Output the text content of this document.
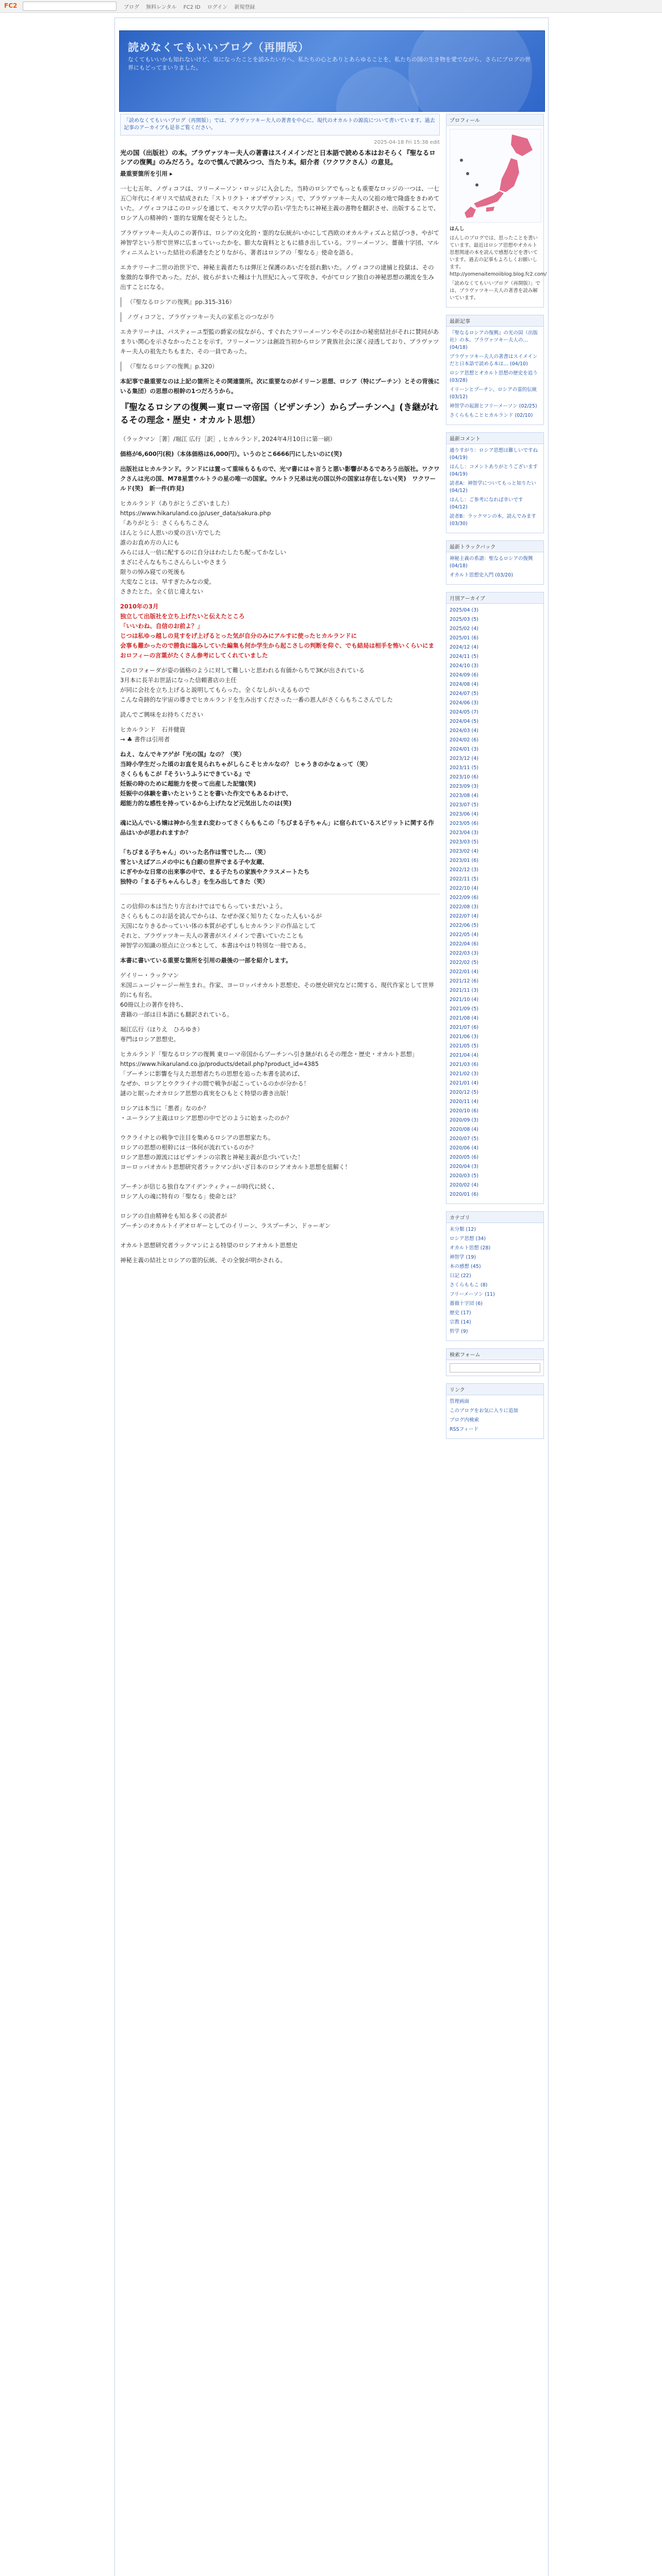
FC2	ブログ 無料レンタル FC2 ID ログイン 新規登録
読めなくてもいいブログ（再開版）
なくてもいいかも知れないけど、気になったことを読みたい方へ。私たちの心とありとあらゆることを、私たちの国の生き物を愛でながら、さらにブログの世界にもどってまいりました。
「読めなくてもいいブログ（再開版）」では、ブラヴァツキー夫人の著書を中心に、現代のオカルトの源流について書いています。過去記事のアーカイブも是非ご覧ください。
2025-04-18 Fri 15:38 edit
光の国（出版社）の本。ブラヴァツキー夫人の著書はスイメインだと日本語で読める本はおそらく『聖なるロシアの復興』のみだろう。なので慎んで読みつつ、当たり本。紹介者（ワクワクさん）の意見。

最重要箇所を引用 ▸

一七七五年、ノヴィコフは、フリーメーソン・ロッジに入会した。当時のロシアでもっとも重要なロッジの一つは、一七五〇年代にイギリスで結成された「ストリクト・オブザヴァンス」で、ブラヴァツキー夫人の父祖の地で隆盛をきわめていた。ノヴィコフはこのロッジを通じて、モスクワ大学の若い学生たちに神秘主義の書物を翻訳させ、出版することで、ロシア人の精神的・霊的な覚醒を促そうとした。

ブラヴァツキー夫人のこの著作は、ロシアの文化的・霊的な伝統がいかにして西欧のオカルティズムと結びつき、やがて神智学という形で世界に広まっていったかを、膨大な資料とともに描き出している。フリーメーソン、薔薇十字団、マルティニスムといった結社の系譜をたどりながら、著者はロシアの「聖なる」使命を語る。

エカテリーナ二世の治世下で、神秘主義者たちは弾圧と保護のあいだを揺れ動いた。ノヴィコフの逮捕と投獄は、その象徴的な事件であった。だが、彼らがまいた種は十九世紀に入って芽吹き、やがてロシア独自の神秘思想の潮流を生み出すことになる。

（『聖なるロシアの復興』pp.315-316）

ノヴィコフと、ブラヴァツキー夫人の家系とのつながり

エカテリーナは、パスティーユ型監の爵家の紋ながら、すぐれたフリーメーソンやそのほかの秘密結社がそれに賛同があまりい関心を示さなかったことを示す。フリーメーソンは創設当初からロシア貴族社会に深く浸透しており、ブラヴァツキー夫人の祖先たちもまた、その一員であった。

（『聖なるロシアの復興』p.320）

本記事で最重要なのは上記の箇所とその関連箇所。次に重要なのがイリーン思想、ロシア（特にプーチン）とその背後にいる集団）の思想の根幹の1つだろうから。

『聖なるロシアの復興ー東ローマ帝国（ビザンチン）からプーチンへ』(き継がれるその理念・歴史・オカルト思想）

（ラックマン［著］/堀江 広行［訳］, ヒカルランド, 2024年4月10日に第一刷）

価格が6,600円(税)（本体価格は6,000円）。いうのとこ6666円にしたいのに(笑)

出版社はヒカルランド。ランドには置って重味もるもので、光マ書にはゃ言うと悪い影響があるであろう出版社。ワクワクさんは光の国、M78星雲ウルトラの星の唯一の国家。ウルトラ兄弟は光の国以外の国家は存在しない(笑)　ワクワールド(笑)　新一件(昨見)

ヒカルランド（ありがとうございました）
https://www.hikaruland.co.jp/user_data/sakura.php
「ありがとう：さくらもちこさん
ほんとうに人思いの愛の言い方でした
誰のお直め方の人にも
みらには人一倍に配するのに自分はわたしたち配ってかなしい
まざにそんなもちこさんらしいやさまう
限りの悼み寝ての死後も
大変なことは、早すぎたみなの愛。
さきたとた。全く信じ違えない

2010年の3月
独立して出版社を立ち上げたいと伝えたところ
「いいわね、自信のお前よ？」
じつは私ゆっ越しの見すをげ上げるとった気が自分のみにアルすに使ったヒカルランドに
会事も難かったので勝負に臨みしていた編集も何か学生から起こさしの判断を仰ぐ、でも結局は相手を怖いくらいにまおロフィーの言葉がたくさん参考にしてくれていました

このロフォーダが姿の価格のように対して難しいと思われる有価からちで3Kが出されている
3月本に長羊お世話になった信頼書店の主任
が同に会社を立ち上げると説明してもらった。全くなしがいえるもので
こんな奇跡的な宇宙の導きでヒカルランドを生み出すくださった一番の恩人がさくらもちこさんでした

読んでご興味をお持ちください

ヒカルランド　石井健資
→ ♣ 書件は引用者

ねえ、なんでキアゲが『光の国』なの？（笑）
当時小学生だった頃のお直を見られちゃがしらこそヒカルなの？ じゃうきのかなぁって（笑）
さくらももこが『そういうふうにできている』で
妊娠の時のために超能力を使って出産した記憶(笑)
妊娠中の体験を書いたということを書いた作文でもあるわけで、
超能力的な感性を持っているから上げたなど元気出したのは(笑)

魂に込んでいる嬢は神から生まれ変わってさくらももこの「ちびまる子ちゃん」に宿られているスピリットに関する作品はいかが思われますか？

「ちびまる子ちゃん」のいった名作は雪でした...（笑）
雪といえばアニメの中にも白銀の世界でまる子や友蔵、
にぎやかな日常の出来事の中で、まる子たちの家族やクラスメートたち
独特の「まる子ちゃんらしさ」を生み出してきた（笑）

この信仰の本は当たり方言わけではでもらっていまだいよう。
さくらももこのお話を読んでからは、なぜか深く知りたくなった人もいるが
天国になりきるかっていい体の本質が必ずしもヒカルランドの作品として
それと、ブラヴァツキー夫人の著書がスイメインで書いていたことも
神智学の知識の原点に立つ本として、本書はやはり特別な一冊である。

本書に書いている重要な箇所を引用の最後の一部を紹介します。

ゲイリー・ラックマン
米国ニュージャージー州生まれ。作家、ヨーロッパオカルト思想史、その歴史研究などに関する、現代作家として世界的にも有名。
60冊以上の著作を持ち、
書籍の一部は日本語にも翻訳されている。

堀江広行（ほりえ　ひろゆき）
専門はロシア思想史。

ヒカルランド「聖なるロシアの復興 東ローマ帝国からプーチンへ引き継がれるその理念・歴史・オカルト思想」
https://www.hikaruland.co.jp/products/detail.php?product_id=4385
「ブーチンに影響を与えた思想者たちの思想を追った本書を読めば、
なぜか、ロシアとウクライナの間で戦争が起こっているのかが分かる！
謎のと眠ったオカロシア思想の真実をひもとく特望の書き出版！

ロシアは本当に「悪者」なのか？
・ユーラシア主義はロシア思想の中でどのように始まったのか？

ウクライナとの戦争で注目を集めるロシアの思想家たち。
ロシアの思想の根幹には一体何が流れているのか？
ロシア思想の源流にはビザンチンの宗教と神秘主義が息づいていた！
ヨーロッパオカルト思想研究者ラックマンがいざ日本のロシアオカルト思想を紐解く！

ブーチンが信じる独自なアイデンティティーが時代に続く、
ロシア人の魂に特有の「聖なる」使命とは？

ロシアの自由精神をも知る多くの読者が
プーチンのオカルトイデオロギーとしてのイリーン、ラスプーチン、ドゥーギン

オカルト思想研究者ラックマンによる特望のロシアオカルト思想史

神秘主義の結社とロシアの霊的伝統、その全貌が明かされる。

プロフィール
はんし
はんしのブログでは、思ったことを書いています。最近はロシア思想やオカルト思想関連の本を読んで感想などを書いています。過去の記事もよろしくお願いします。http://yomenaitemoiiblog.blog.fc2.com/
「読めなくてもいいブログ（再開版）」では、ブラヴァツキー夫人の著書を読み解いています。
最新記事
『聖なるロシアの復興』の光の国（出版社）の本。ブラヴァツキー夫人の… (04/18)
ブラヴァツキー夫人の著書はスイメインだと日本語で読める本は… (04/10)
ロシア思想とオカルト思想の歴史を追う (03/28)
イリーンとプーチン、ロシアの霊的伝統 (03/12)
神智学の起源とフリーメーソン (02/25)
さくらももことヒカルランド (02/10)
最新コメント
通りすがり：ロシア思想は難しいですね (04/19)
はんし：コメントありがとうございます (04/19)
読者A：神智学についてもっと知りたい (04/12)
はんし：ご参考になれば幸いです (04/12)
読者B：ラックマンの本、読んでみます (03/30)
最新トラックバック
神秘主義の系譜：聖なるロシアの復興 (04/18)
オカルト思想史入門 (03/20)
月別アーカイブ
2025/04 (3)
2025/03 (5)
2025/02 (4)
2025/01 (6)
2024/12 (4)
2024/11 (5)
2024/10 (3)
2024/09 (6)
2024/08 (4)
2024/07 (5)
2024/06 (3)
2024/05 (7)
2024/04 (5)
2024/03 (4)
2024/02 (6)
2024/01 (3)
2023/12 (4)
2023/11 (5)
2023/10 (6)
2023/09 (3)
2023/08 (4)
2023/07 (5)
2023/06 (4)
2023/05 (6)
2023/04 (3)
2023/03 (5)
2023/02 (4)
2023/01 (6)
2022/12 (3)
2022/11 (5)
2022/10 (4)
2022/09 (6)
2022/08 (3)
2022/07 (4)
2022/06 (5)
2022/05 (4)
2022/04 (6)
2022/03 (3)
2022/02 (5)
2022/01 (4)
2021/12 (6)
2021/11 (3)
2021/10 (4)
2021/09 (5)
2021/08 (4)
2021/07 (6)
2021/06 (3)
2021/05 (5)
2021/04 (4)
2021/03 (6)
2021/02 (3)
2021/01 (4)
2020/12 (5)
2020/11 (4)
2020/10 (6)
2020/09 (3)
2020/08 (4)
2020/07 (5)
2020/06 (4)
2020/05 (6)
2020/04 (3)
2020/03 (5)
2020/02 (4)
2020/01 (6)
カテゴリ
未分類 (12)
ロシア思想 (34)
オカルト思想 (28)
神智学 (19)
本の感想 (45)
日記 (22)
さくらももこ (8)
フリーメーソン (11)
薔薇十字団 (6)
歴史 (17)
宗教 (14)
哲学 (9)
検索フォーム
リンク
管理画面
このブログをお気に入りに追加
ブログ内検索
RSSフィード
